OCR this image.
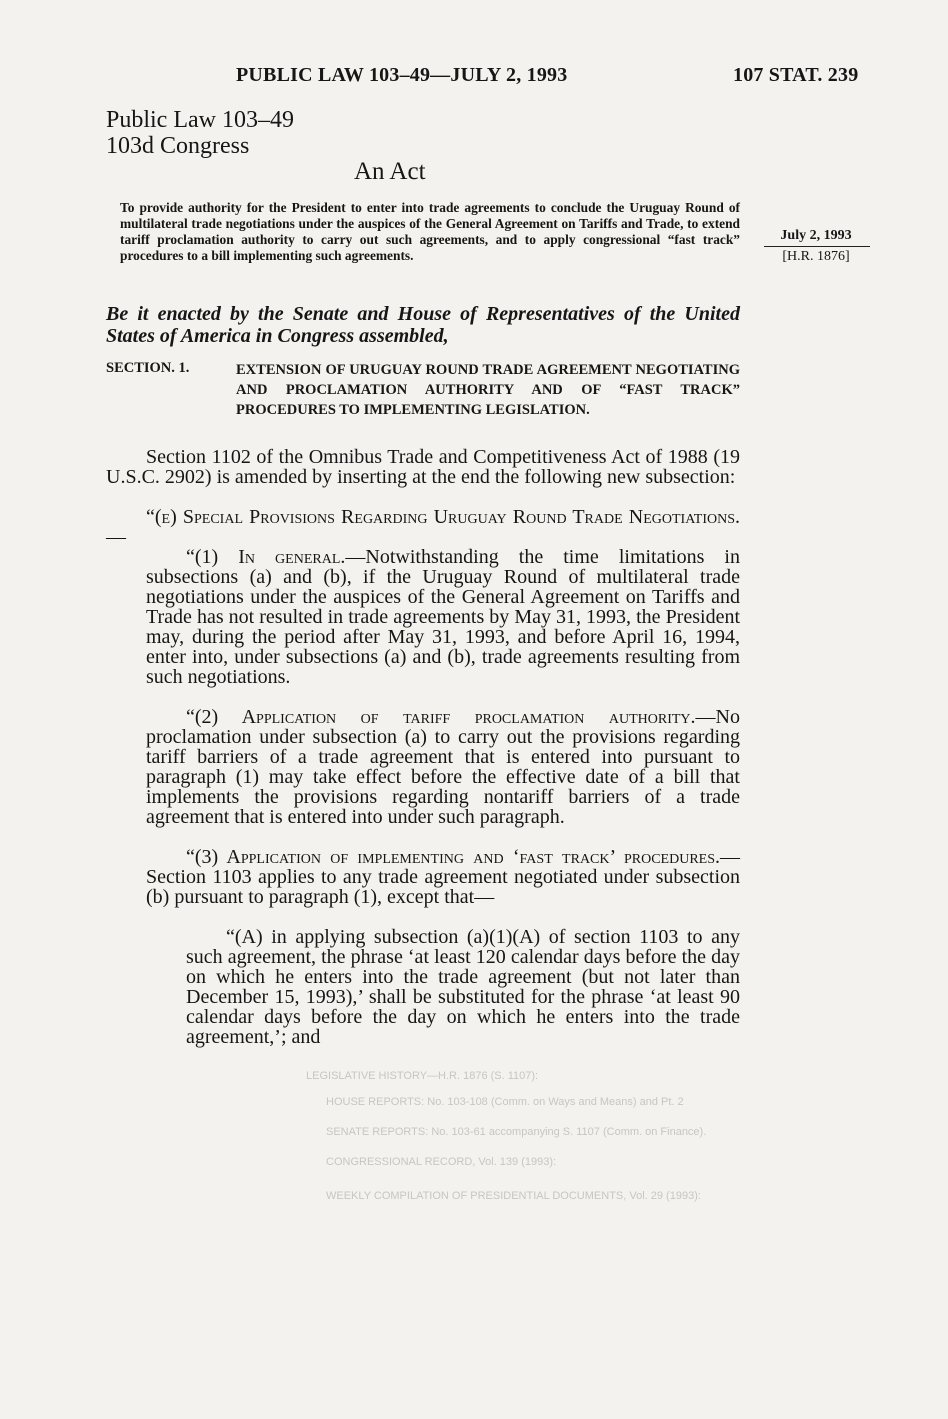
PUBLIC LAW 103–49—JULY 2, 1993	107 STAT. 239
Public Law 103–49
103d Congress
An Act
To provide authority for the President to enter into trade agreements to conclude the Uruguay Round of multilateral trade negotiations under the auspices of the General Agreement on Tariffs and Trade, to extend tariff proclamation authority to carry out such agreements, and to apply congressional “fast track” procedures to a bill implementing such agreements.
July 2, 1993
[H.R. 1876]
Be it enacted by the Senate and House of Representatives of the United States of America in Congress assembled,
SECTION. 1.	EXTENSION OF URUGUAY ROUND TRADE AGREEMENT NEGOTIATING AND PROCLAMATION AUTHORITY AND OF “FAST TRACK” PROCEDURES TO IMPLEMENTING LEGISLATION.
Section 1102 of the Omnibus Trade and Competitiveness Act of 1988 (19 U.S.C. 2902) is amended by inserting at the end the following new subsection:
“(e) Special Provisions Regarding Uruguay Round Trade Negotiations.—
“(1) In general.—Notwithstanding the time limitations in subsections (a) and (b), if the Uruguay Round of multilateral trade negotiations under the auspices of the General Agreement on Tariffs and Trade has not resulted in trade agreements by May 31, 1993, the President may, during the period after May 31, 1993, and before April 16, 1994, enter into, under subsections (a) and (b), trade agreements resulting from such negotiations.
“(2) Application of tariff proclamation authority.—No proclamation under subsection (a) to carry out the provisions regarding tariff barriers of a trade agreement that is entered into pursuant to paragraph (1) may take effect before the effective date of a bill that implements the provisions regarding nontariff barriers of a trade agreement that is entered into under such paragraph.
“(3) Application of implementing and ‘fast track’ procedures.—Section 1103 applies to any trade agreement negotiated under subsection (b) pursuant to paragraph (1), except that—
“(A) in applying subsection (a)(1)(A) of section 1103 to any such agreement, the phrase ‘at least 120 calendar days before the day on which he enters into the trade agreement (but not later than December 15, 1993),’ shall be substituted for the phrase ‘at least 90 calendar days before the day on which he enters into the trade agreement,’; and
LEGISLATIVE HISTORY—H.R. 1876 (S. 1107):
HOUSE REPORTS: No. 103-108 (Comm. on Ways and Means) and Pt. 2
SENATE REPORTS: No. 103-61 accompanying S. 1107 (Comm. on Finance).
CONGRESSIONAL RECORD, Vol. 139 (1993):
WEEKLY COMPILATION OF PRESIDENTIAL DOCUMENTS, Vol. 29 (1993):
